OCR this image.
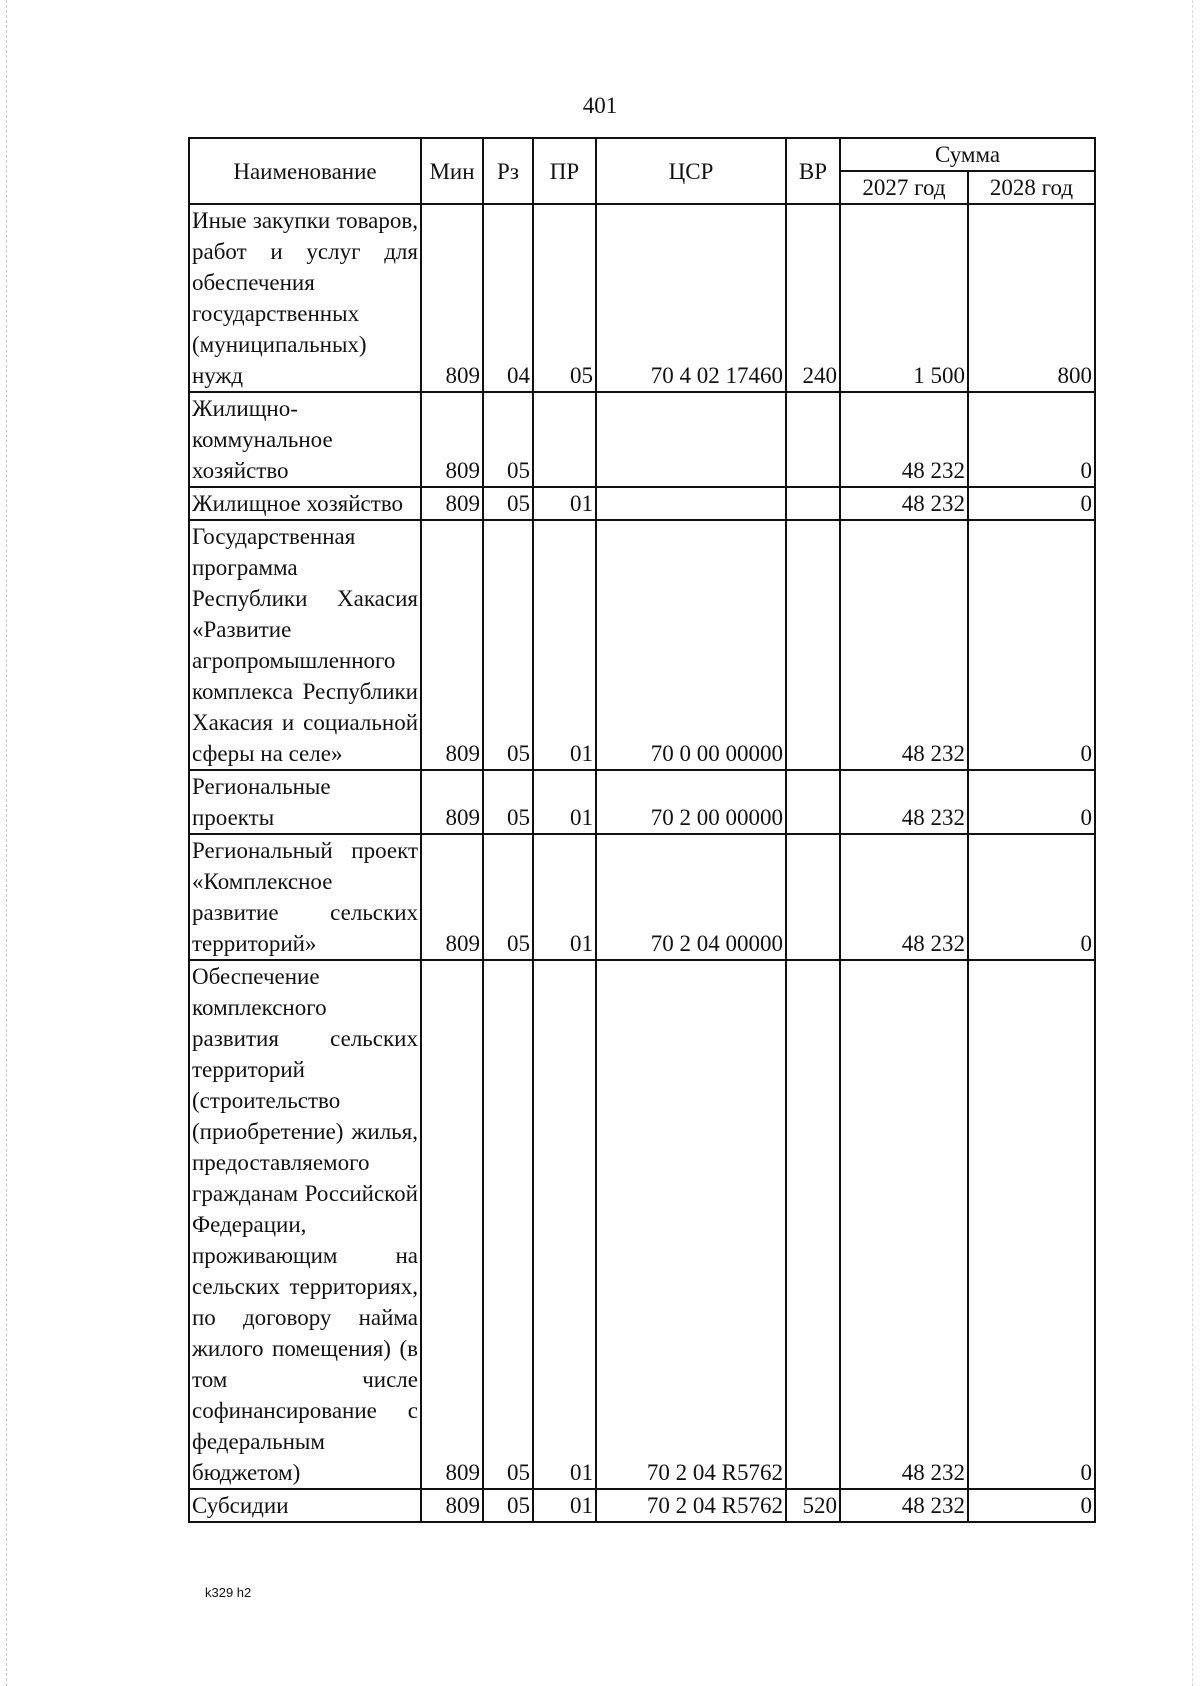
401
Наименование	Мин	Рз	ПР	ЦСР	ВР	Сумма	
						2027 год	2028 год
Иные закупки товаров, работ и услуг для обеспечения государственных (муниципальных) нужд	809	04	05	70 4 02 17460	240	1 500	800
Жилищно-коммунальное хозяйство	809	05				48 232	0
Жилищное хозяйство	809	05	01			48 232	0
Государственная программа Республики Хакасия «Развитие агропромышленного комплекса Республики Хакасия и социальной сферы на селе»	809	05	01	70 0 00 00000		48 232	0
Региональные проекты	809	05	01	70 2 00 00000		48 232	0
Региональный проект «Комплексное развитие сельских территорий»	809	05	01	70 2 04 00000		48 232	0
Обеспечение комплексного развития сельских территорий (строительство (приобретение) жилья, предоставляемого гражданам Российской Федерации, проживающим на сельских территориях, по договору найма жилого помещения) (в том числе софинансирование с федеральным бюджетом)	809	05	01	70 2 04 R5762		48 232	0
Субсидии	809	05	01	70 2 04 R5762	520	48 232	0
k329 h2
